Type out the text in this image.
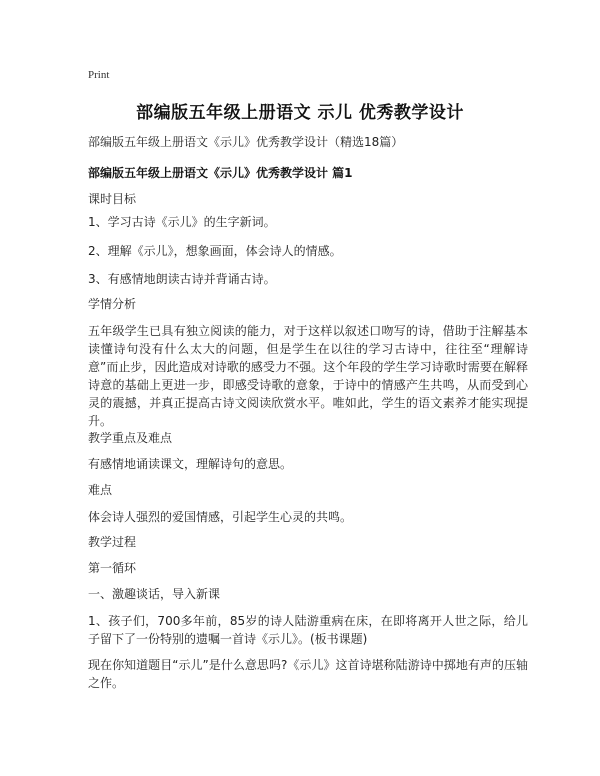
Print
部编版五年级上册语文 示儿 优秀教学设计
部编版五年级上册语文《示儿》优秀教学设计（精选18篇）
部编版五年级上册语文《示儿》优秀教学设计 篇1
课时目标
1、学习古诗《示儿》的生字新词。
2、理解《示儿》，想象画面，体会诗人的情感。
3、有感情地朗读古诗并背诵古诗。
学情分析
五年级学生已具有独立阅读的能力，对于这样以叙述口吻写的诗，借助于注解基本读懂诗句没有什么太大的问题，但是学生在以往的学习古诗中，往往至“理解诗意”而止步，因此造成对诗歌的感受力不强。这个年段的学生学习诗歌时需要在解释诗意的基础上更进一步，即感受诗歌的意象，于诗中的情感产生共鸣，从而受到心灵的震撼，并真正提高古诗文阅读欣赏水平。唯如此，学生的语文素养才能实现提升。
教学重点及难点
有感情地诵读课文，理解诗句的意思。
难点
体会诗人强烈的爱国情感，引起学生心灵的共鸣。
教学过程
第一循环
一、激趣谈话，导入新课
1、孩子们，700多年前，85岁的诗人陆游重病在床，在即将离开人世之际，给儿子留下了一份特别的遗嘱一首诗《示儿》。(板书课题)
现在你知道题目“示儿”是什么意思吗?《示儿》这首诗堪称陆游诗中掷地有声的压轴之作。
